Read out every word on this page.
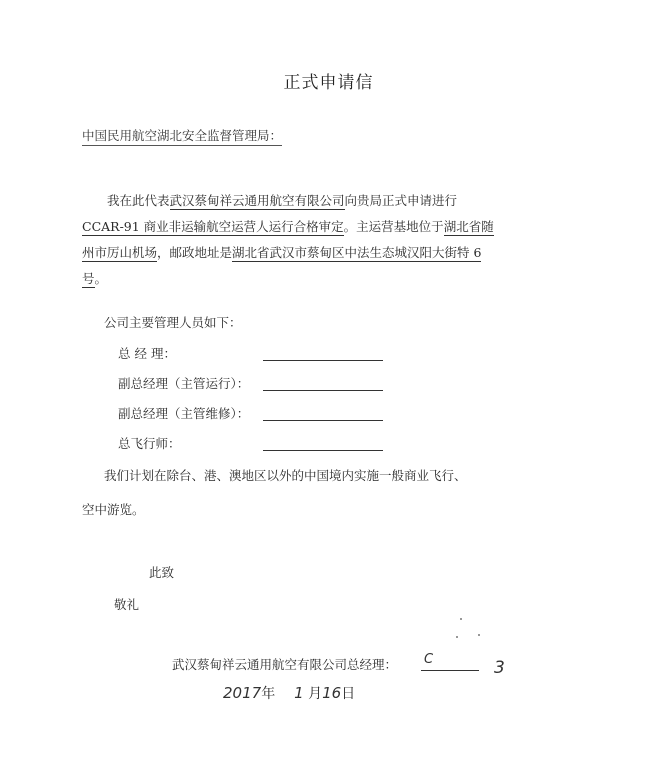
正式申请信
中国民用航空湖北安全监督管理局：
我在此代表武汉蔡甸祥云通用航空有限公司向贵局正式申请进行 CCAR-91 商业非运输航空运营人运行合格审定。主运营基地位于湖北省随州市厉山机场，邮政地址是湖北省武汉市蔡甸区中法生态城汉阳大街特 6 号。
公司主要管理人员如下：
总 经 理：
副总经理（主管运行）：
副总经理（主管维修）：
总飞行师：
我们计划在除台、港、澳地区以外的中国境内实施一般商业飞行、
空中游览。
此致
敬礼
武汉蔡甸祥云通用航空有限公司总经理： C	3
2017年 1 月16日
